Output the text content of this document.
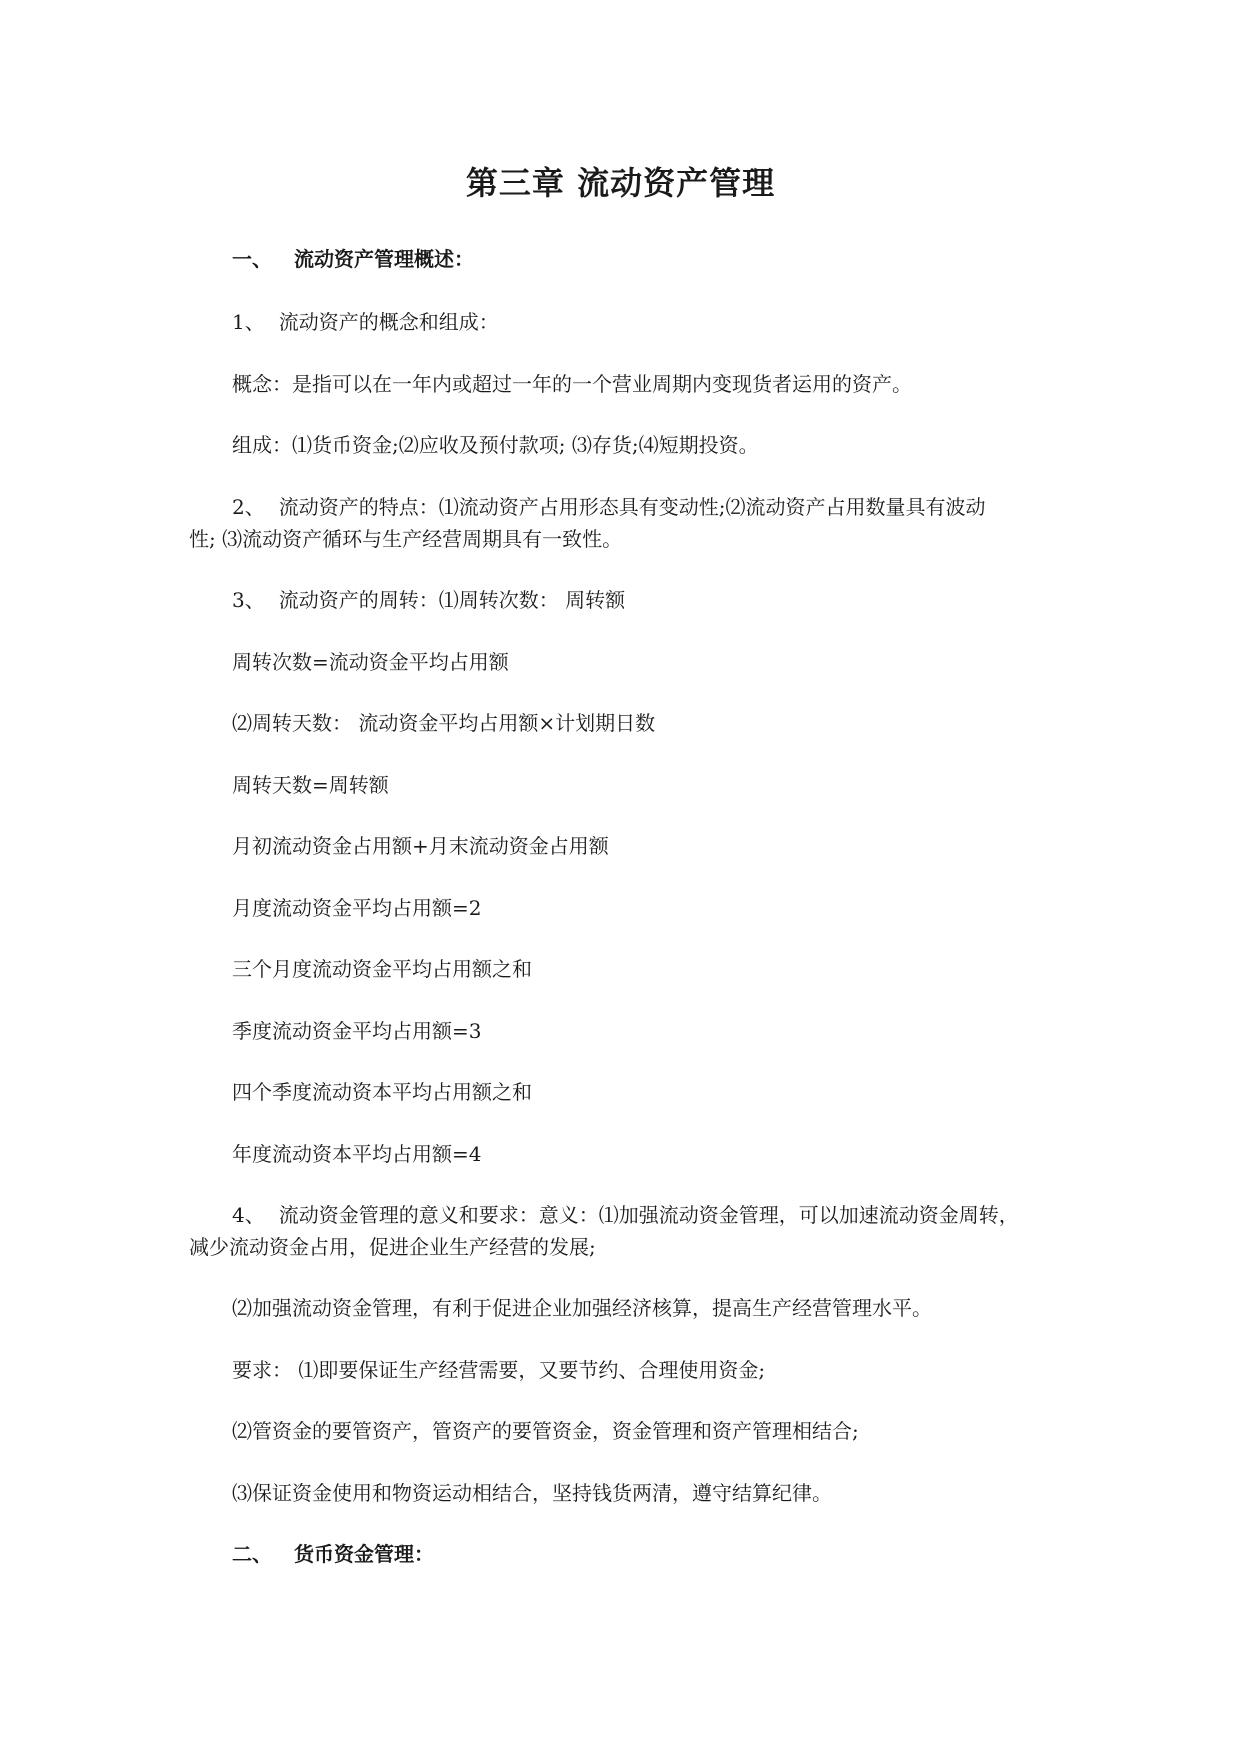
第三章 流动资产管理
一、 流动资产管理概述：
1、 流动资产的概念和组成：
概念：是指可以在一年内或超过一年的一个营业周期内变现货者运用的资产。
组成：⑴货币资金;⑵应收及预付款项; ⑶存货;⑷短期投资。
2、 流动资产的特点：⑴流动资产占用形态具有变动性;⑵流动资产占用数量具有波动
性; ⑶流动资产循环与生产经营周期具有一致性。
3、 流动资产的周转：⑴周转次数： 周转额
周转次数=流动资金平均占用额
⑵周转天数： 流动资金平均占用额×计划期日数
周转天数=周转额
月初流动资金占用额+月末流动资金占用额
月度流动资金平均占用额=2
三个月度流动资金平均占用额之和
季度流动资金平均占用额=3
四个季度流动资本平均占用额之和
年度流动资本平均占用额=4
4、 流动资金管理的意义和要求：意义：⑴加强流动资金管理，可以加速流动资金周转，
减少流动资金占用，促进企业生产经营的发展;
⑵加强流动资金管理，有利于促进企业加强经济核算，提高生产经营管理水平。
要求： ⑴即要保证生产经营需要，又要节约、合理使用资金;
⑵管资金的要管资产，管资产的要管资金，资金管理和资产管理相结合;
⑶保证资金使用和物资运动相结合，坚持钱货两清，遵守结算纪律。
二、 货币资金管理：
